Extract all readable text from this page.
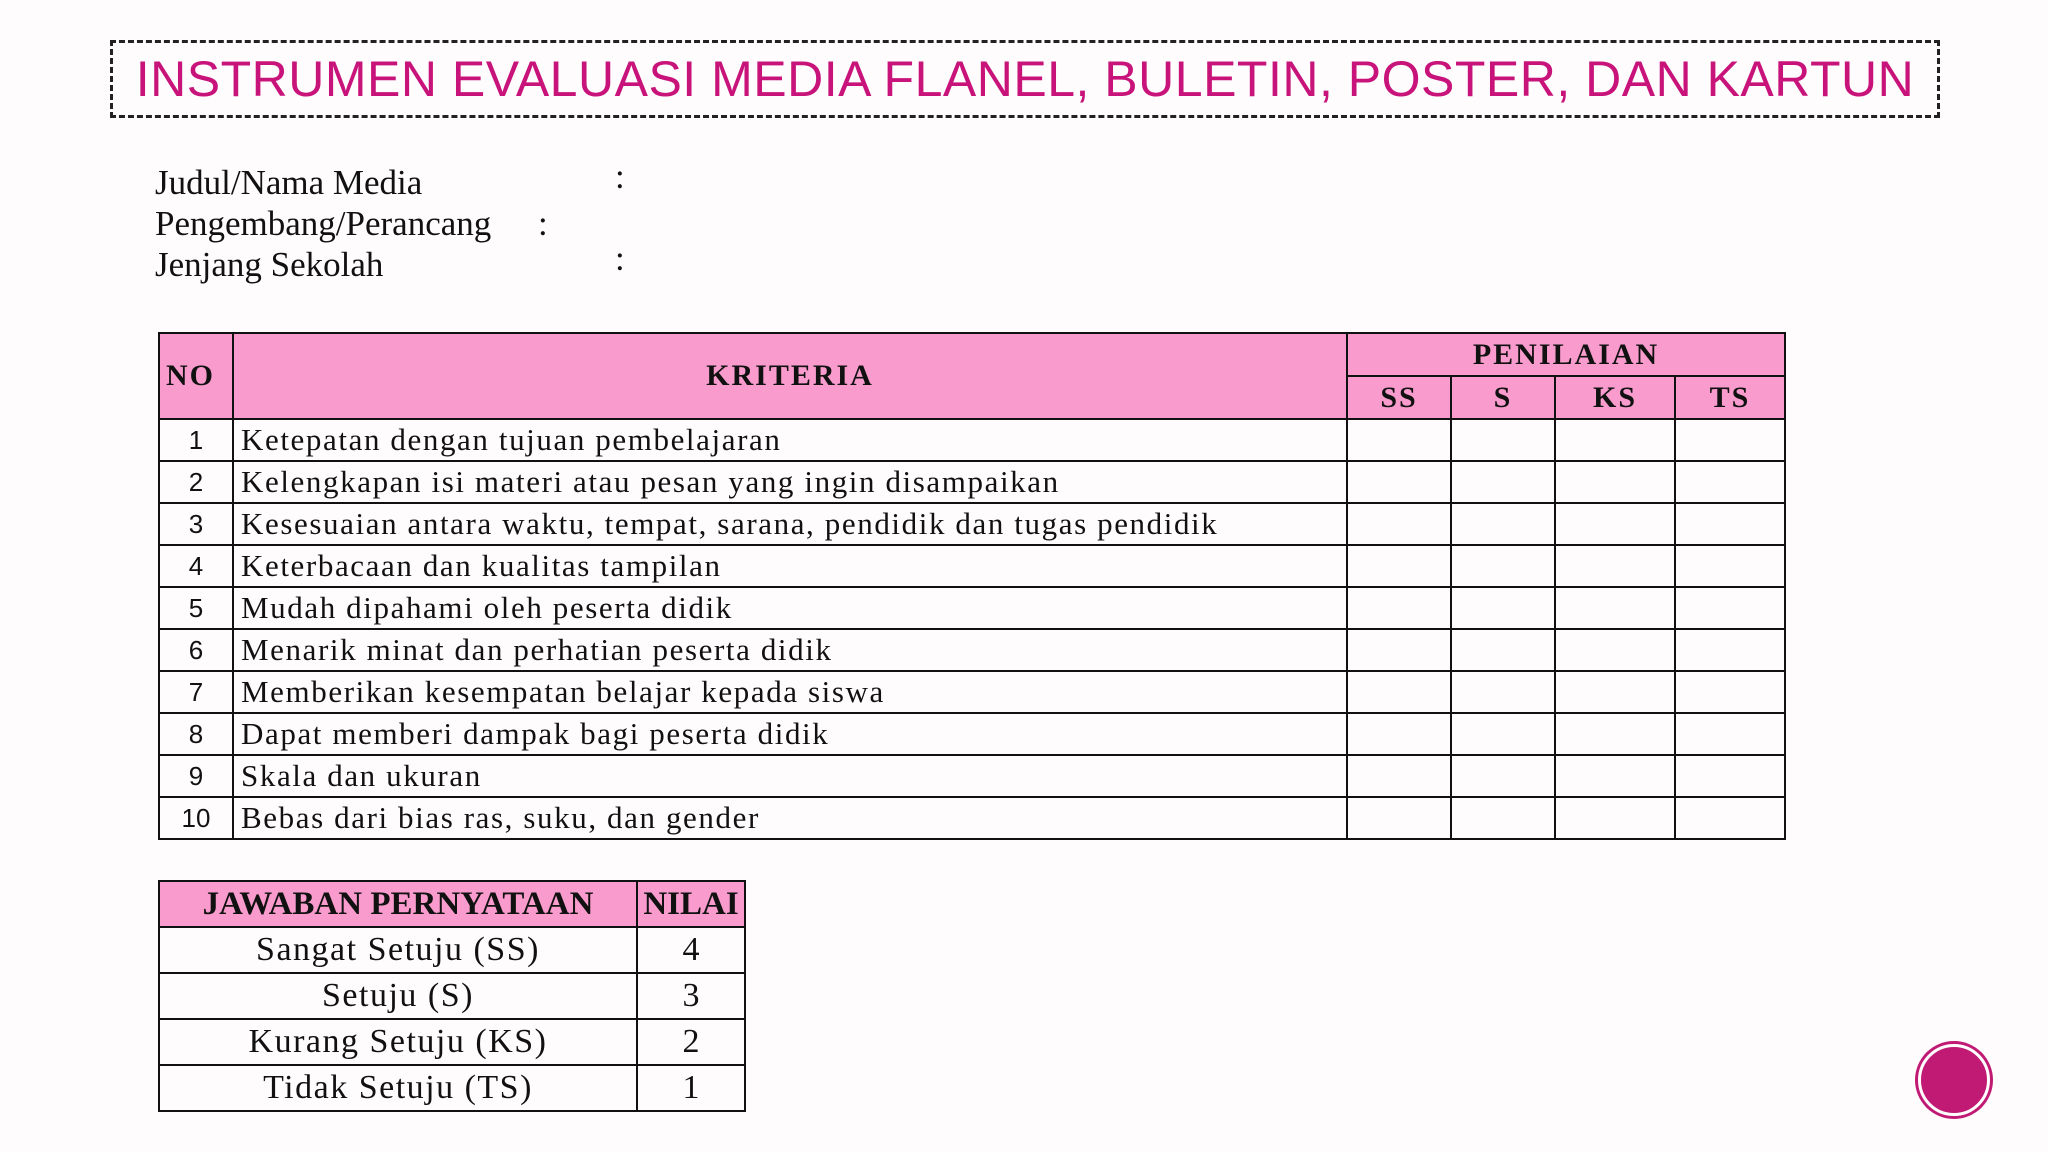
INSTRUMEN EVALUASI MEDIA FLANEL, BULETIN, POSTER, DAN KARTUN
Judul/Nama Media	:
Pengembang/Perancang :
Jenjang Sekolah	:
NO	KRITERIA	PENILAIAN			
		SS	S	KS	TS
1	Ketepatan dengan tujuan pembelajaran				
2	Kelengkapan isi materi atau pesan yang ingin disampaikan				
3	Kesesuaian antara waktu, tempat, sarana, pendidik dan tugas pendidik				
4	Keterbacaan dan kualitas tampilan				
5	Mudah dipahami oleh peserta didik				
6	Menarik minat dan perhatian peserta didik				
7	Memberikan kesempatan belajar kepada siswa				
8	Dapat memberi dampak bagi peserta didik				
9	Skala dan ukuran				
10	Bebas dari bias ras, suku, dan gender				
JAWABAN PERNYATAAN	NILAI
Sangat Setuju (SS)	4
Setuju (S)	3
Kurang Setuju (KS)	2
Tidak Setuju (TS)	1
